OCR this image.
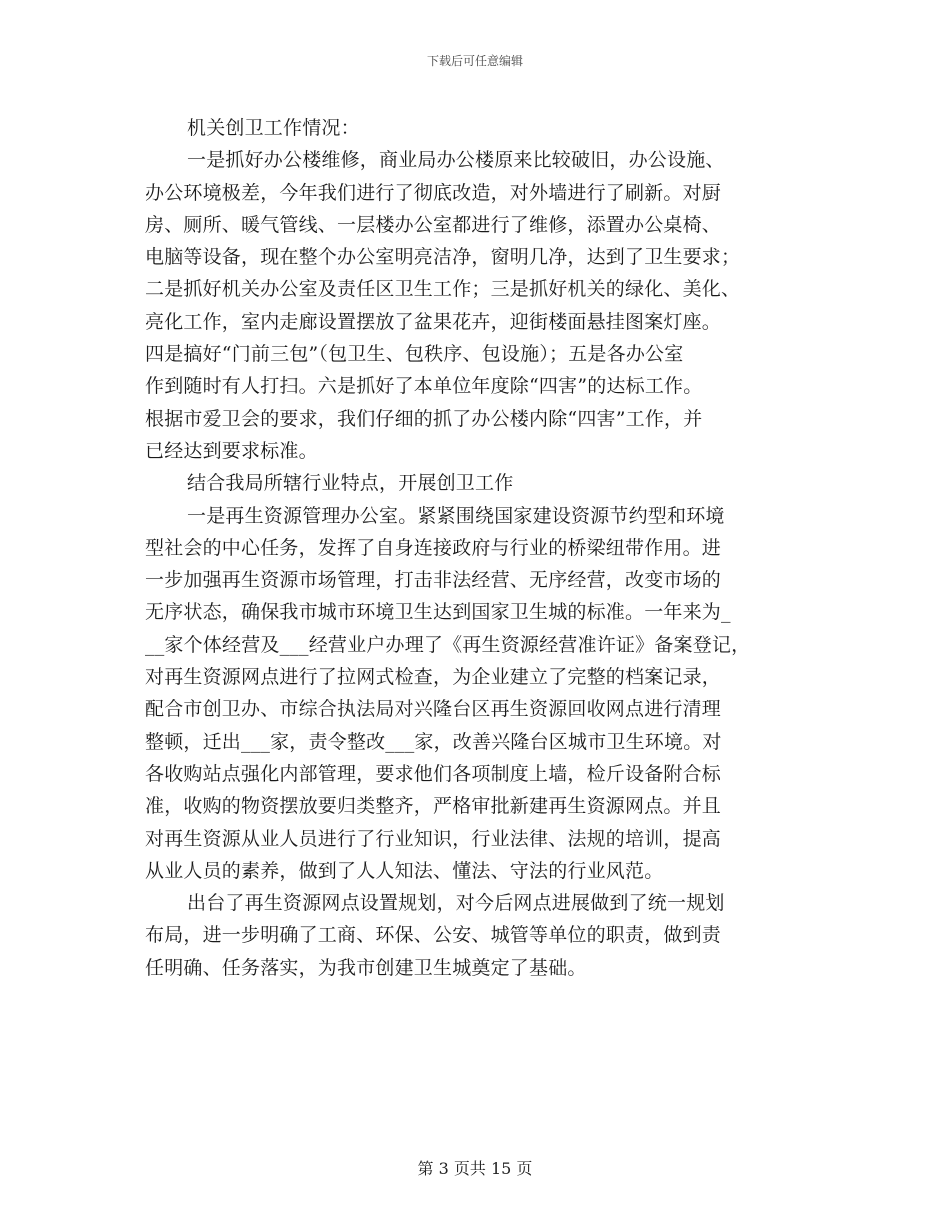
下载后可任意编辑
机关创卫工作情况：
一是抓好办公楼维修，商业局办公楼原来比较破旧，办公设施、
办公环境极差，今年我们进行了彻底改造，对外墙进行了刷新。对厨
房、厕所、暖气管线、一层楼办公室都进行了维修，添置办公桌椅、
电脑等设备，现在整个办公室明亮洁净，窗明几净，达到了卫生要求；
二是抓好机关办公室及责任区卫生工作；三是抓好机关的绿化、美化、
亮化工作，室内走廊设置摆放了盆果花卉，迎街楼面悬挂图案灯座。
四是搞好“门前三包”（包卫生、包秩序、包设施）；五是各办公室
作到随时有人打扫。六是抓好了本单位年度除“四害”的达标工作。
根据市爱卫会的要求，我们仔细的抓了办公楼内除“四害”工作，并
已经达到要求标准。
结合我局所辖行业特点，开展创卫工作
一是再生资源管理办公室。紧紧围绕国家建设资源节约型和环境
型社会的中心任务，发挥了自身连接政府与行业的桥梁纽带作用。进
一步加强再生资源市场管理，打击非法经营、无序经营，改变市场的
无序状态，确保我市城市环境卫生达到国家卫生城的标准。一年来为_
__家个体经营及___经营业户办理了《再生资源经营准许证》备案登记，
对再生资源网点进行了拉网式检查，为企业建立了完整的档案记录，
配合市创卫办、市综合执法局对兴隆台区再生资源回收网点进行清理
整顿，迁出___家，责令整改___家，改善兴隆台区城市卫生环境。对
各收购站点强化内部管理，要求他们各项制度上墙，检斤设备附合标
准，收购的物资摆放要归类整齐，严格审批新建再生资源网点。并且
对再生资源从业人员进行了行业知识，行业法律、法规的培训，提高
从业人员的素养，做到了人人知法、懂法、守法的行业风范。
出台了再生资源网点设置规划，对今后网点进展做到了统一规划
布局，进一步明确了工商、环保、公安、城管等单位的职责，做到责
任明确、任务落实，为我市创建卫生城奠定了基础。
第 3 页共 15 页
